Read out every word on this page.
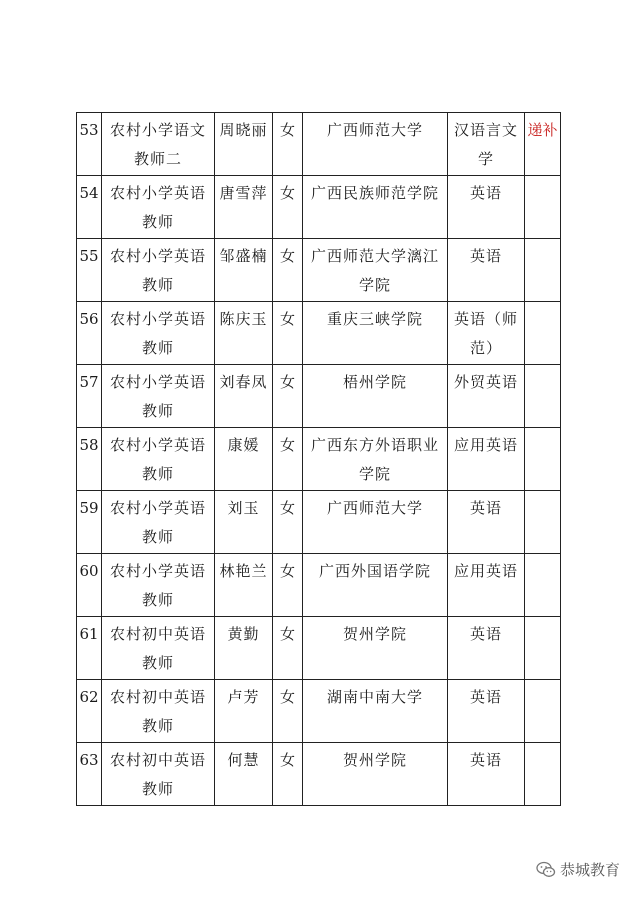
53	农村小学语文教师二	周晓丽	女	广西师范大学	汉语言文学	递补
54	农村小学英语教师	唐雪萍	女	广西民族师范学院	英语	
55	农村小学英语教师	邹盛楠	女	广西师范大学漓江学院	英语	
56	农村小学英语教师	陈庆玉	女	重庆三峡学院	英语（师范）	
57	农村小学英语教师	刘春凤	女	梧州学院	外贸英语	
58	农村小学英语教师	康媛	女	广西东方外语职业学院	应用英语	
59	农村小学英语教师	刘玉	女	广西师范大学	英语	
60	农村小学英语教师	林艳兰	女	广西外国语学院	应用英语	
61	农村初中英语教师	黄勤	女	贺州学院	英语	
62	农村初中英语教师	卢芳	女	湖南中南大学	英语	
63	农村初中英语教师	何慧	女	贺州学院	英语	
恭城教育
